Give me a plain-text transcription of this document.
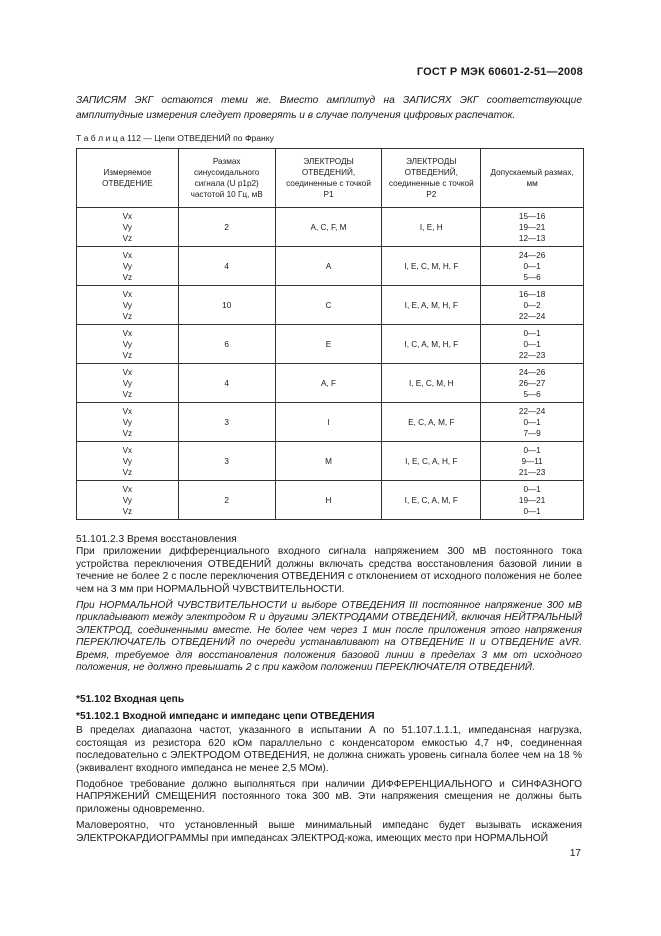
ГОСТ Р МЭК 60601-2-51—2008
ЗАПИСЯМ ЭКГ остаются теми же. Вместо амплитуд на ЗАПИСЯХ ЭКГ соответствующие амплитудные измерения следует проверять и в случае получения цифровых распечаток.
Т а б л и ц а 112 — Цепи ОТВЕДЕНИЙ по Франку
Измеряемое
ОТВЕДЕНИЕ	Размах
синусоидального
сигнала (U p1p2)
частотой 10 Гц, мВ	ЭЛЕКТРОДЫ
ОТВЕДЕНИЙ,
соединенные с точкой
P1	ЭЛЕКТРОДЫ
ОТВЕДЕНИЙ,
соединенные с точкой
P2	Допускаемый размах,
мм

Vx
Vy
Vz	2	A, C, F, M	I, E, H	15—16
19—21
12—13

Vx
Vy
Vz	4	A	I, E, C, M, H, F	24—26
0—1
5—6

Vx
Vy
Vz	10	C	I, E, A, M, H, F	16—18
0—2
22—24

Vx
Vy
Vz	6	E	I, C, A, M, H, F	0—1
0—1
22—23

Vx
Vy
Vz	4	A, F	I, E, C, M, H	24—26
26—27
5—6

Vx
Vy
Vz	3	I	E, C, A, M, F	22—24
0—1
7—9

Vx
Vy
Vz	3	M	I, E, C, A, H, F	0—1
9—11
21—23

Vx
Vy
Vz	2	H	I, E, C, A, M, F	0—1
19—21
0—1

51.101.2.3 Время восстановления

При приложении дифференциального входного сигнала напряжением 300 мВ постоянного тока устройства переключения ОТВЕДЕНИЙ должны включать средства восстановления базовой линии в течение не более 2 с после переключения ОТВЕДЕНИЯ с отклонением от исходного положения не более чем на 3 мм при НОРМАЛЬНОЙ ЧУВСТВИТЕЛЬНОСТИ.

При НОРМАЛЬНОЙ ЧУВСТВИТЕЛЬНОСТИ и выборе ОТВЕДЕНИЯ III постоянное напряжение 300 мВ прикладывают между электродом R и другими ЭЛЕКТРОДАМИ ОТВЕДЕНИЙ, включая НЕЙТРАЛЬНЫЙ ЭЛЕКТРОД, соединенными вместе. Не более чем через 1 мин после приложения этого напряжения ПЕРЕКЛЮЧАТЕЛЬ ОТВЕДЕНИЙ по очереди устанавливают на ОТВЕДЕНИЕ II и ОТВЕДЕНИЕ aVR. Время, требуемое для восстановления положения базовой линии в пределах 3 мм от исходного положения, не должно превышать 2 с при каждом положении ПЕРЕКЛЮЧАТЕЛЯ ОТВЕДЕНИЙ.

*51.102 Входная цепь

*51.102.1 Входной импеданс и импеданс цепи ОТВЕДЕНИЯ

В пределах диапазона частот, указанного в испытании А по 51.107.1.1.1, импедансная нагрузка, состоящая из резистора 620 кОм параллельно с конденсатором емкостью 4,7 нФ, соединенная последовательно с ЭЛЕКТРОДОМ ОТВЕДЕНИЯ, не должна снижать уровень сигнала более чем на 18 % (эквивалент входного импеданса не менее 2,5 МОм).

Подобное требование должно выполняться при наличии ДИФФЕРЕНЦИАЛЬНОГО и СИНФАЗНОГО НАПРЯЖЕНИЙ СМЕЩЕНИЯ постоянного тока 300 мВ. Эти напряжения смещения не должны быть приложены одновременно.

Маловероятно, что установленный выше минимальный импеданс будет вызывать искажения ЭЛЕКТРОКАРДИОГРАММЫ при импедансах ЭЛЕКТРОД-кожа, имеющих место при НОРМАЛЬНОЙ

17
